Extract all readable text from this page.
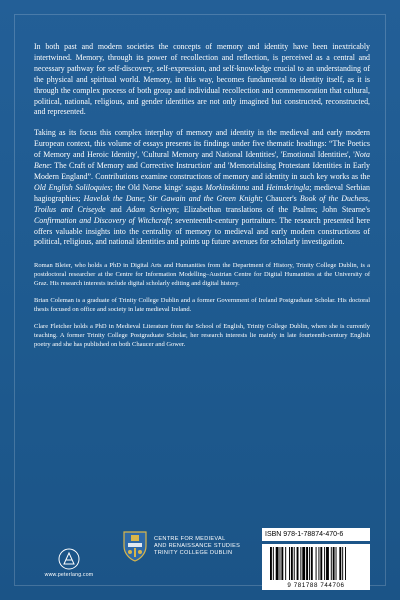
In both past and modern societies the concepts of memory and identity have been inextricably intertwined. Memory, through its power of recollection and reflection, is perceived as a central and necessary pathway for self-discovery, self-expression, and self-knowledge crucial to an understanding of the physical and spiritual world. Memory, in this way, becomes fundamental to identity itself, as it is through the complex process of both group and individual recollection and commemoration that cultural, political, national, religious, and gender identities are not only imagined but constructed, reconstructed, and represented.

Taking as its focus this complex interplay of memory and identity in the medieval and early modern European context, this volume of essays presents its findings under five thematic headings: “The Poetics of Memory and Heroic Identity', 'Cultural Memory and National Identities', 'Emotional Identities', 'Nota Bene: The Craft of Memory and Corrective Instruction' and 'Memorialising Protestant Identities in Early Modern England”. Contributions examine constructions of memory and identity in such key works as the Old English Soliloquies; the Old Norse kings' sagas Morkinskinna and Heimskringla; medieval Serbian hagiographies; Havelok the Dane; Sir Gawain and the Green Knight; Chaucer's Book of the Duchess, Troilus and Criseyde and Adam Scriveyn; Elizabethan translations of the Psalms; John Stearne's Confirmation and Discovery of Witchcraft; seventeenth-century portraiture. The research presented here offers valuable insights into the centrality of memory to medieval and early modern constructions of political, religious, and national identities and points up future avenues for scholarly investigation.

Roman Bleier, who holds a PhD in Digital Arts and Humanities from the Department of History, Trinity College Dublin, is a postdoctoral researcher at the Centre for Information Modelling–Austrian Centre for Digital Humanities at the University of Graz. His research interests include digital scholarly editing and digital history.

Brian Coleman is a graduate of Trinity College Dublin and a former Government of Ireland Postgraduate Scholar. His doctoral thesis focused on office and society in late medieval Ireland.

Clare Fletcher holds a PhD in Medieval Literature from the School of English, Trinity College Dublin, where she is currently teaching. A former Trinity College Postgraduate Scholar, her research interests lie mainly in late fourteenth-century English poetry and she has published on both Chaucer and Gower.

www.peterlang.com
CENTRE FOR MEDIEVAL
AND RENAISSANCE STUDIES
TRINITY COLLEGE DUBLIN
ISBN 978-1-78874-470-6
9 781788 744706
